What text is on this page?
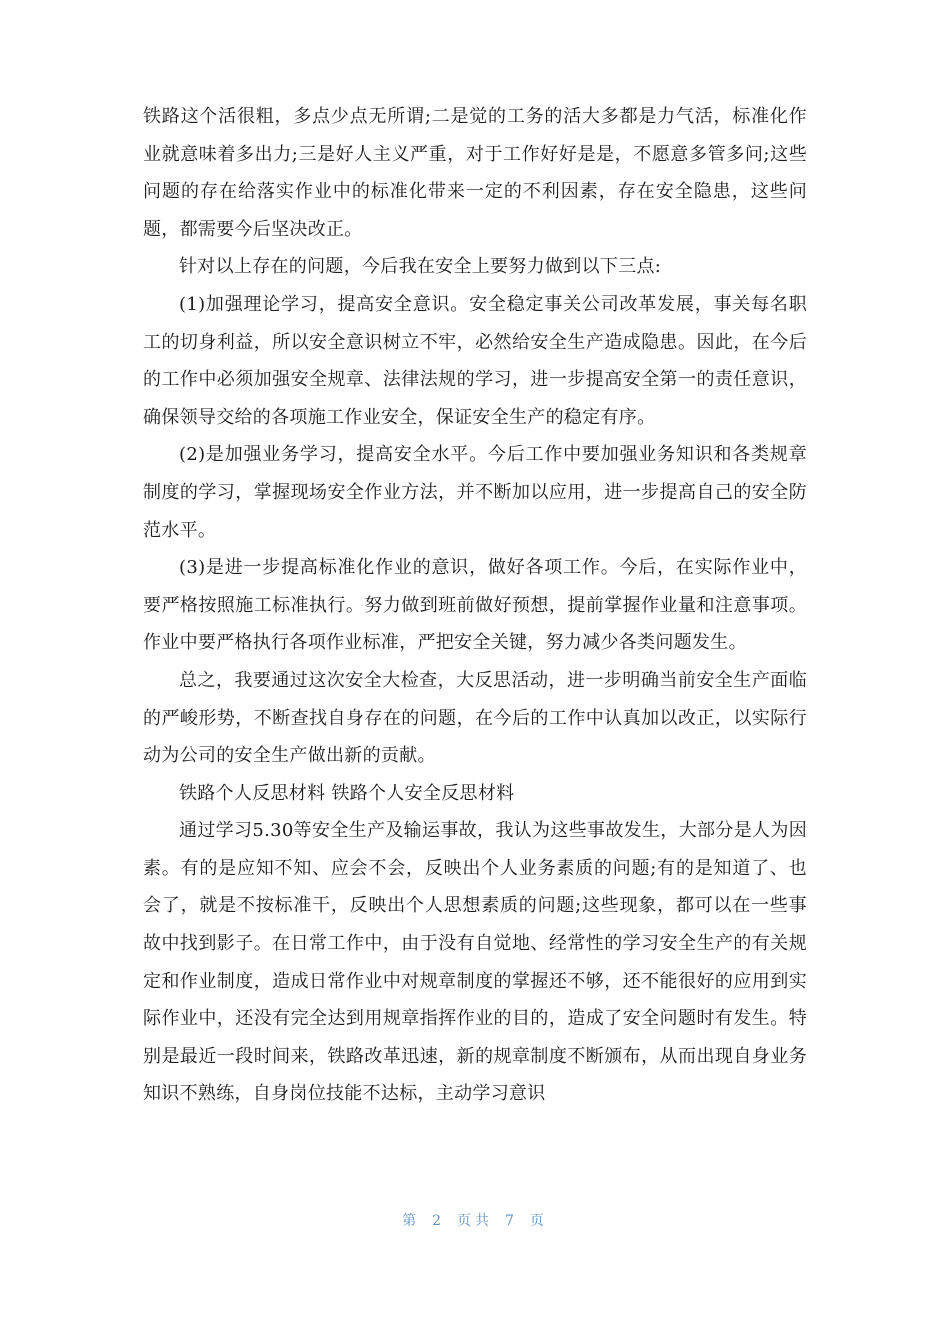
铁路这个活很粗，多点少点无所谓;二是觉的工务的活大多都是力气活，标准化作业就意味着多出力;三是好人主义严重，对于工作好好是是，不愿意多管多问;这些问题的存在给落实作业中的标准化带来一定的不利因素，存在安全隐患，这些问题，都需要今后坚决改正。

针对以上存在的问题，今后我在安全上要努力做到以下三点:

(1)加强理论学习，提高安全意识。安全稳定事关公司改革发展，事关每名职工的切身利益，所以安全意识树立不牢，必然给安全生产造成隐患。因此，在今后的工作中必须加强安全规章、法律法规的学习，进一步提高安全第一的责任意识，确保领导交给的各项施工作业安全，保证安全生产的稳定有序。

(2)是加强业务学习，提高安全水平。今后工作中要加强业务知识和各类规章制度的学习，掌握现场安全作业方法，并不断加以应用，进一步提高自己的安全防范水平。

(3)是进一步提高标准化作业的意识，做好各项工作。今后，在实际作业中，要严格按照施工标准执行。努力做到班前做好预想，提前掌握作业量和注意事项。作业中要严格执行各项作业标准，严把安全关键，努力减少各类问题发生。

总之，我要通过这次安全大检查，大反思活动，进一步明确当前安全生产面临的严峻形势，不断查找自身存在的问题，在今后的工作中认真加以改正，以实际行动为公司的安全生产做出新的贡献。

铁路个人反思材料 铁路个人安全反思材料

通过学习5.30等安全生产及输运事故，我认为这些事故发生，大部分是人为因素。有的是应知不知、应会不会，反映出个人业务素质的问题;有的是知道了、也会了，就是不按标准干，反映出个人思想素质的问题;这些现象，都可以在一些事故中找到影子。在日常工作中，由于没有自觉地、经常性的学习安全生产的有关规定和作业制度，造成日常作业中对规章制度的掌握还不够，还不能很好的应用到实际作业中，还没有完全达到用规章指挥作业的目的，造成了安全问题时有发生。特别是最近一段时间来，铁路改革迅速，新的规章制度不断颁布，从而出现自身业务知识不熟练，自身岗位技能不达标，主动学习意识

第 2 页共 7 页
